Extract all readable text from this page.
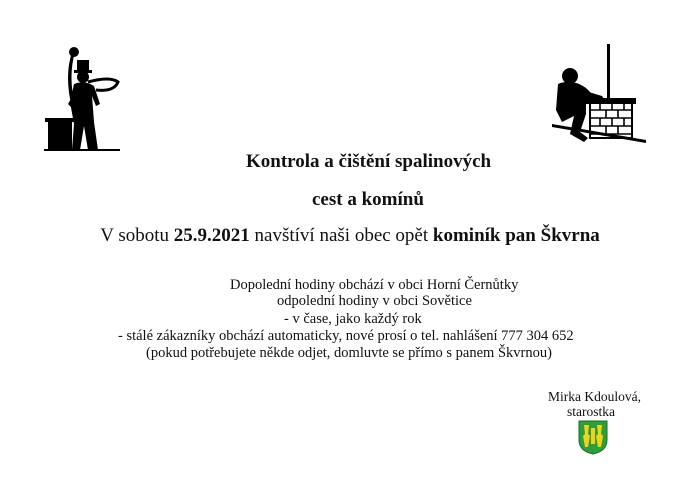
Kontrola a čištění spalinových
cest a komínů
V sobotu 25.9.2021 navštíví naši obec opět kominík pan Škvrna
Dopolední hodiny obchází v obci Horní Černůtky
odpolední hodiny v obci Sovětice
- v čase, jako každý rok
- stálé zákazníky obchází automaticky, nové prosí o tel. nahlášení 777 304 652
(pokud potřebujete někde odjet, domluvte se přímo s panem Škvrnou)
Mirka Kdoulová,
starostka
